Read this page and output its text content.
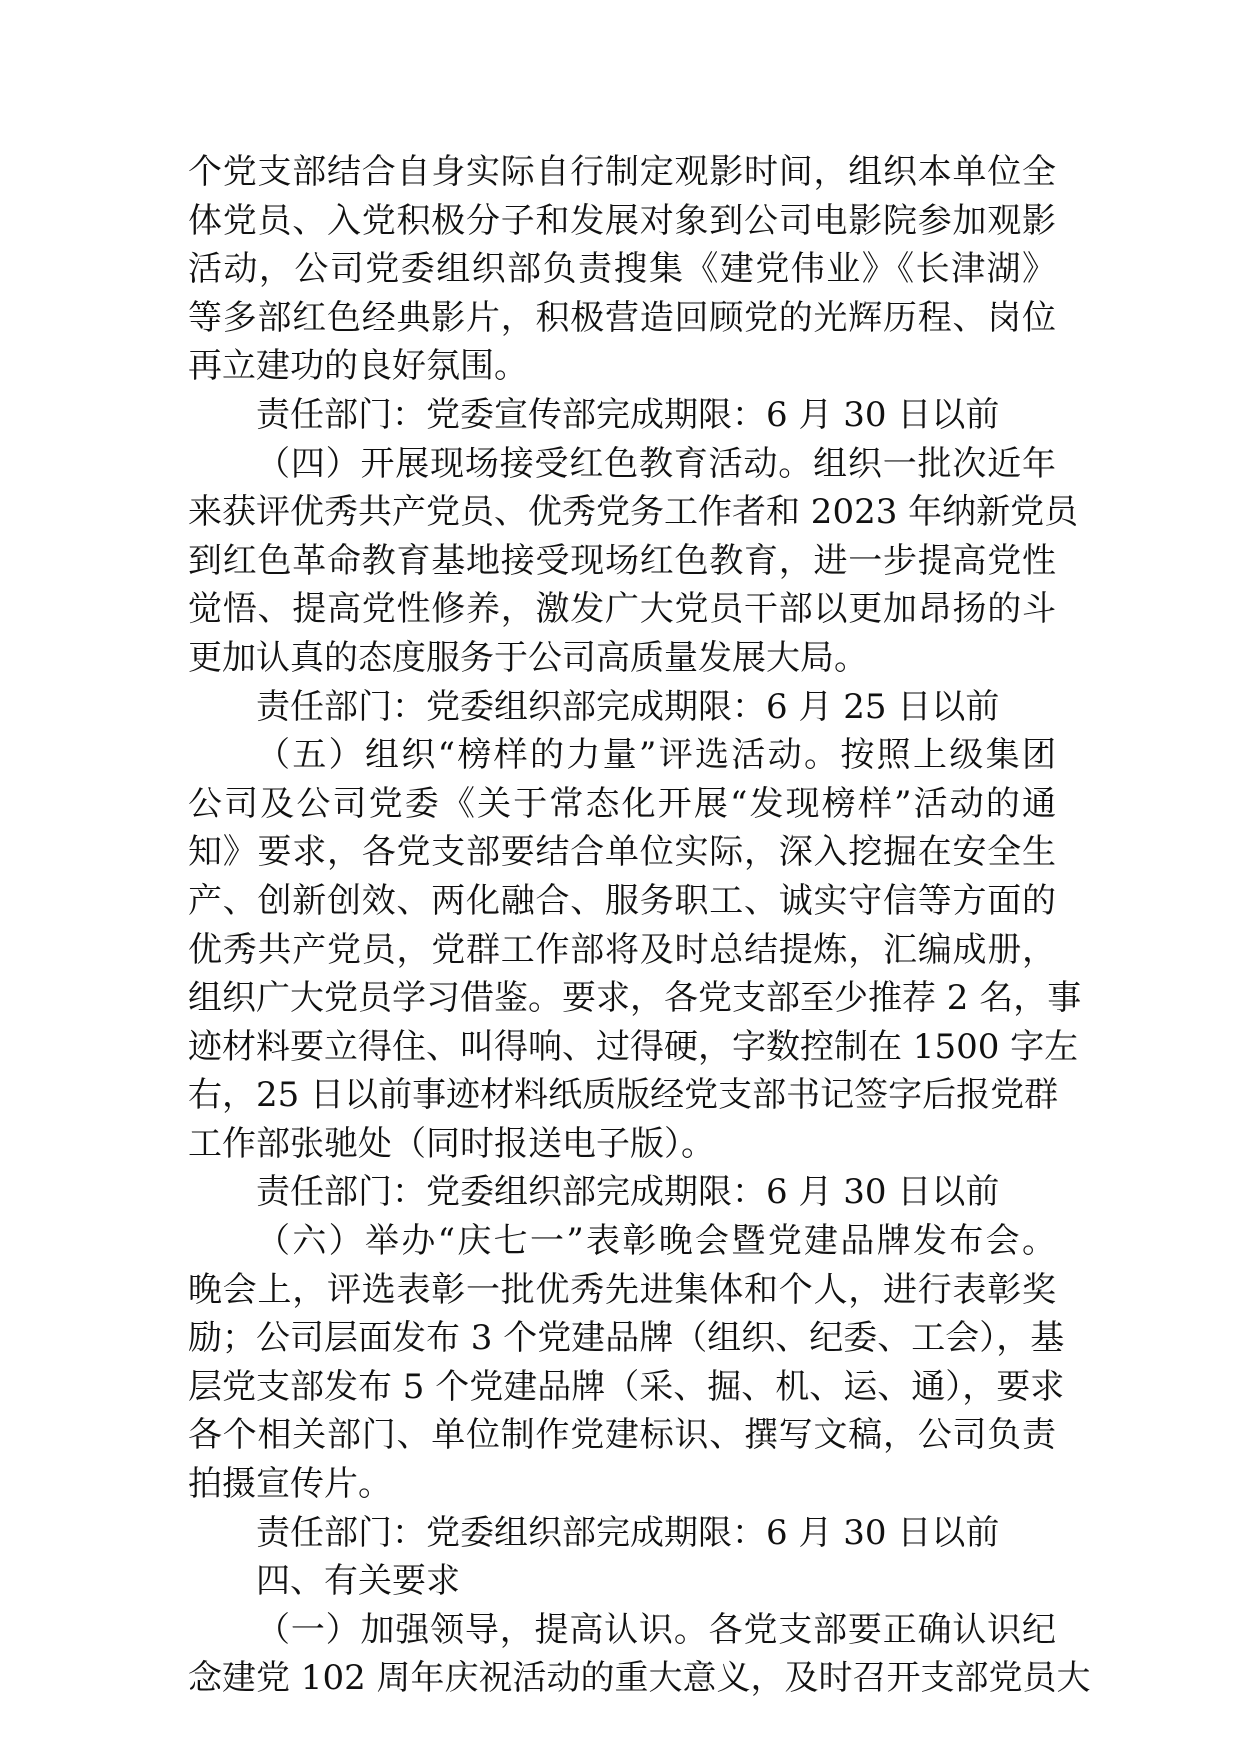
个党支部结合自身实际自行制定观影时间，组织本单位全
体党员、入党积极分子和发展对象到公司电影院参加观影
活动，公司党委组织部负责搜集《建党伟业》《长津湖》
等多部红色经典影片，积极营造回顾党的光辉历程、岗位
再立建功的良好氛围。
责任部门：党委宣传部完成期限：6 月 30 日以前
（四）开展现场接受红色教育活动。组织一批次近年
来获评优秀共产党员、优秀党务工作者和 2023 年纳新党员
到红色革命教育基地接受现场红色教育，进一步提高党性
觉悟、提高党性修养，激发广大党员干部以更加昂扬的斗
更加认真的态度服务于公司高质量发展大局。
责任部门：党委组织部完成期限：6 月 25 日以前
（五）组织“榜样的力量”评选活动。按照上级集团
公司及公司党委《关于常态化开展“发现榜样”活动的通
知》要求，各党支部要结合单位实际，深入挖掘在安全生
产、创新创效、两化融合、服务职工、诚实守信等方面的
优秀共产党员，党群工作部将及时总结提炼，汇编成册，
组织广大党员学习借鉴。要求，各党支部至少推荐 2 名，事
迹材料要立得住、叫得响、过得硬，字数控制在 1500 字左
右，25 日以前事迹材料纸质版经党支部书记签字后报党群
工作部张驰处（同时报送电子版）。
责任部门：党委组织部完成期限：6 月 30 日以前
（六）举办“庆七一”表彰晚会暨党建品牌发布会。
晚会上，评选表彰一批优秀先进集体和个人，进行表彰奖
励；公司层面发布 3 个党建品牌（组织、纪委、工会），基
层党支部发布 5 个党建品牌（采、掘、机、运、通），要求
各个相关部门、单位制作党建标识、撰写文稿，公司负责
拍摄宣传片。
责任部门：党委组织部完成期限：6 月 30 日以前
四、有关要求
（一）加强领导，提高认识。各党支部要正确认识纪
念建党 102 周年庆祝活动的重大意义，及时召开支部党员大
